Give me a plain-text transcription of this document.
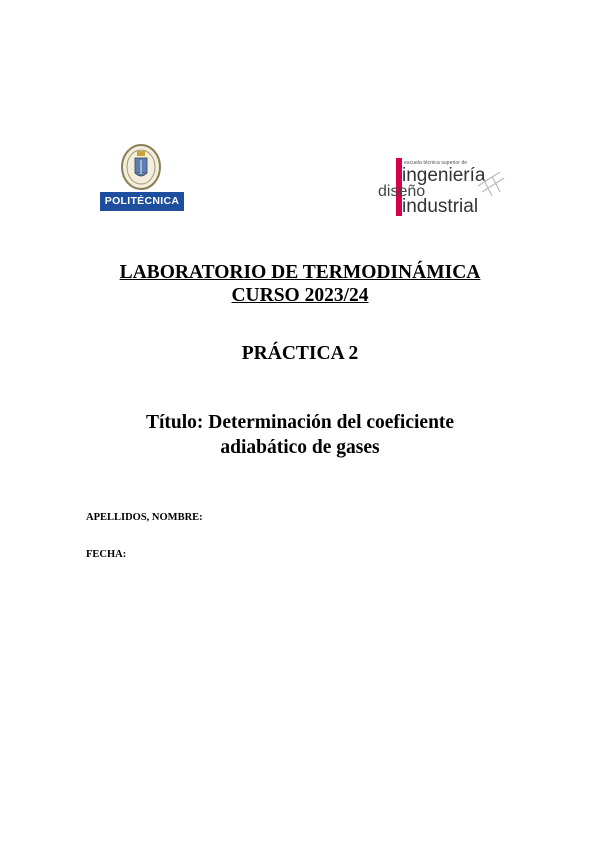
POLITÉCNICA
escuela técnica superior de
ingeniería
diseño
industrial
LABORATORIO DE TERMODINÁMICA
CURSO 2023/24
PRÁCTICA 2
Título: Determinación del coeficiente
adiabático de gases
APELLIDOS, NOMBRE:
FECHA:
